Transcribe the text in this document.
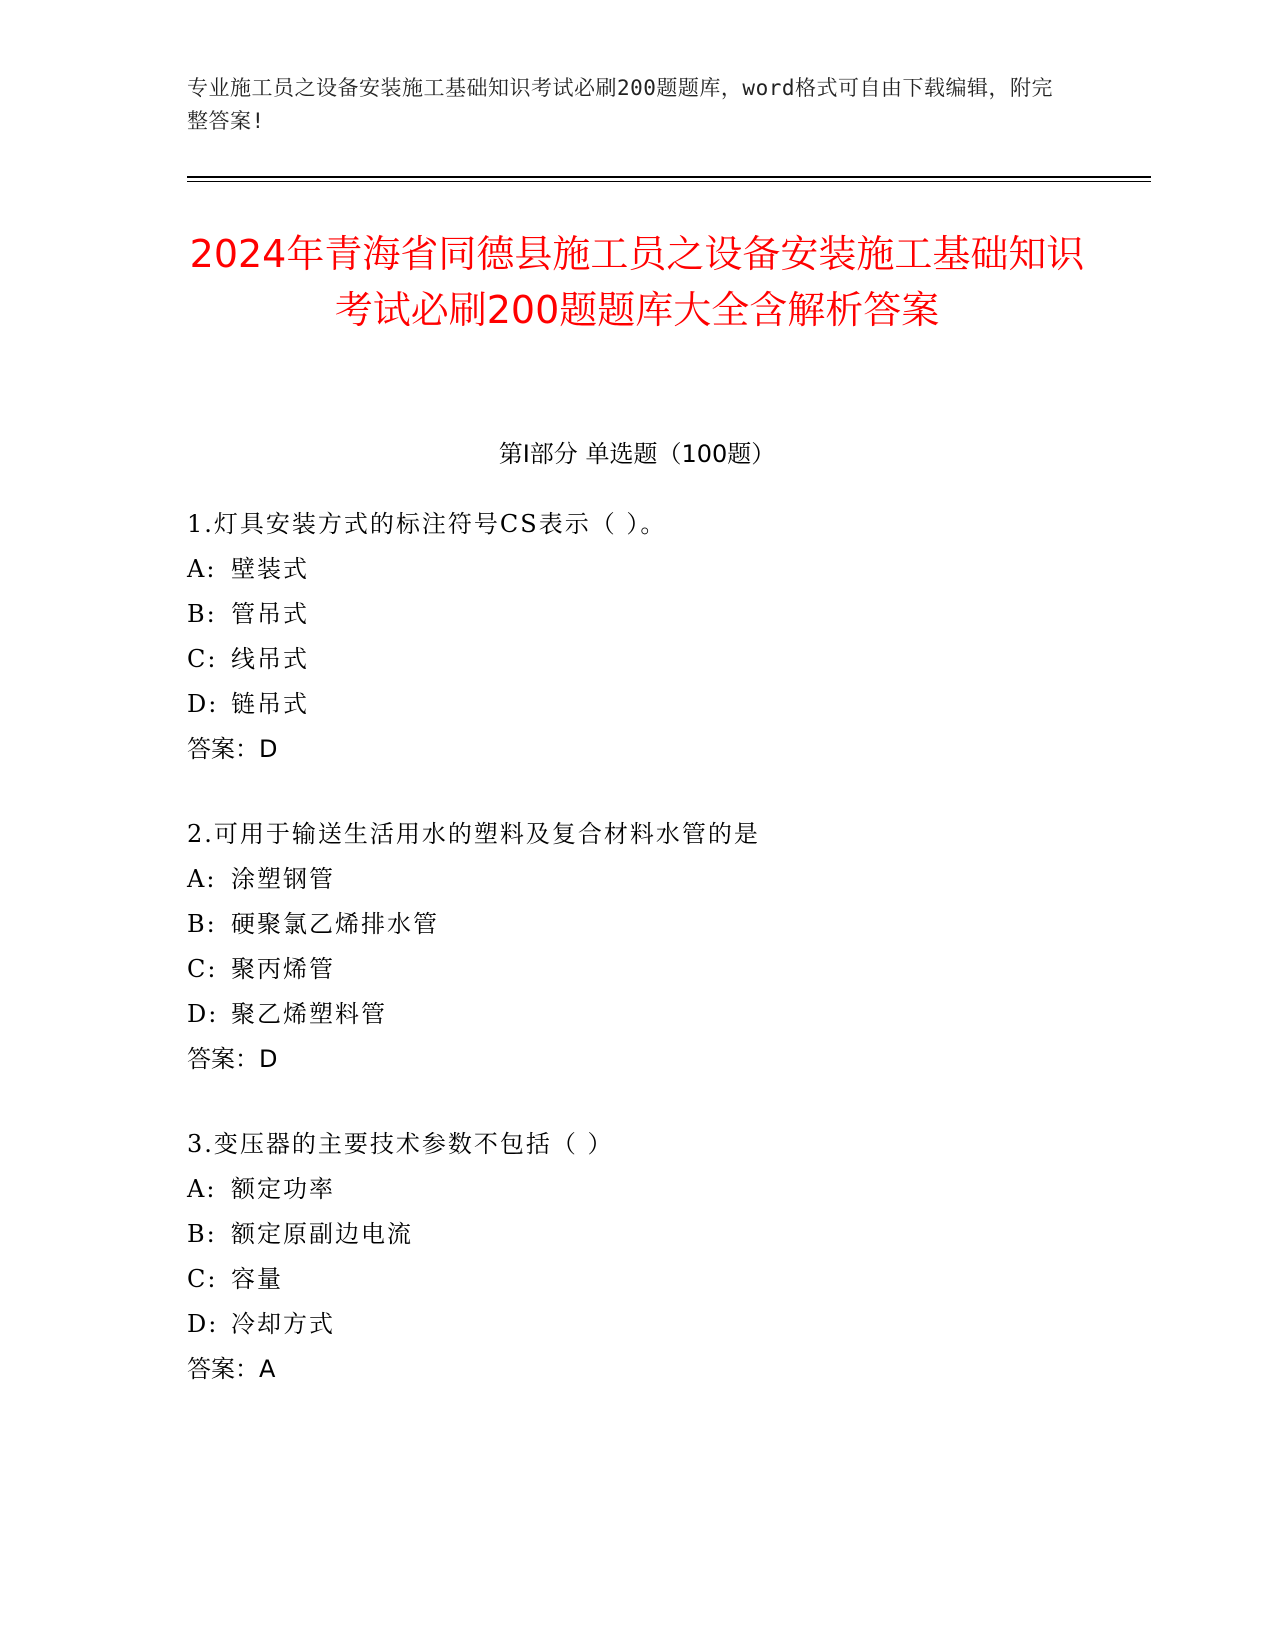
专业施工员之设备安装施工基础知识考试必刷200题题库，word格式可自由下载编辑，附完整答案!
2024年青海省同德县施工员之设备安装施工基础知识考试必刷200题题库大全含解析答案
第I部分 单选题（100题）
1.灯具安装方式的标注符号CS表示（ ）。
A: 壁装式
B: 管吊式
C: 线吊式
D: 链吊式
答案：D
2.可用于输送生活用水的塑料及复合材料水管的是
A: 涂塑钢管
B: 硬聚氯乙烯排水管
C: 聚丙烯管
D: 聚乙烯塑料管
答案：D
3.变压器的主要技术参数不包括（ ）
A: 额定功率
B: 额定原副边电流
C: 容量
D: 冷却方式
答案：A
